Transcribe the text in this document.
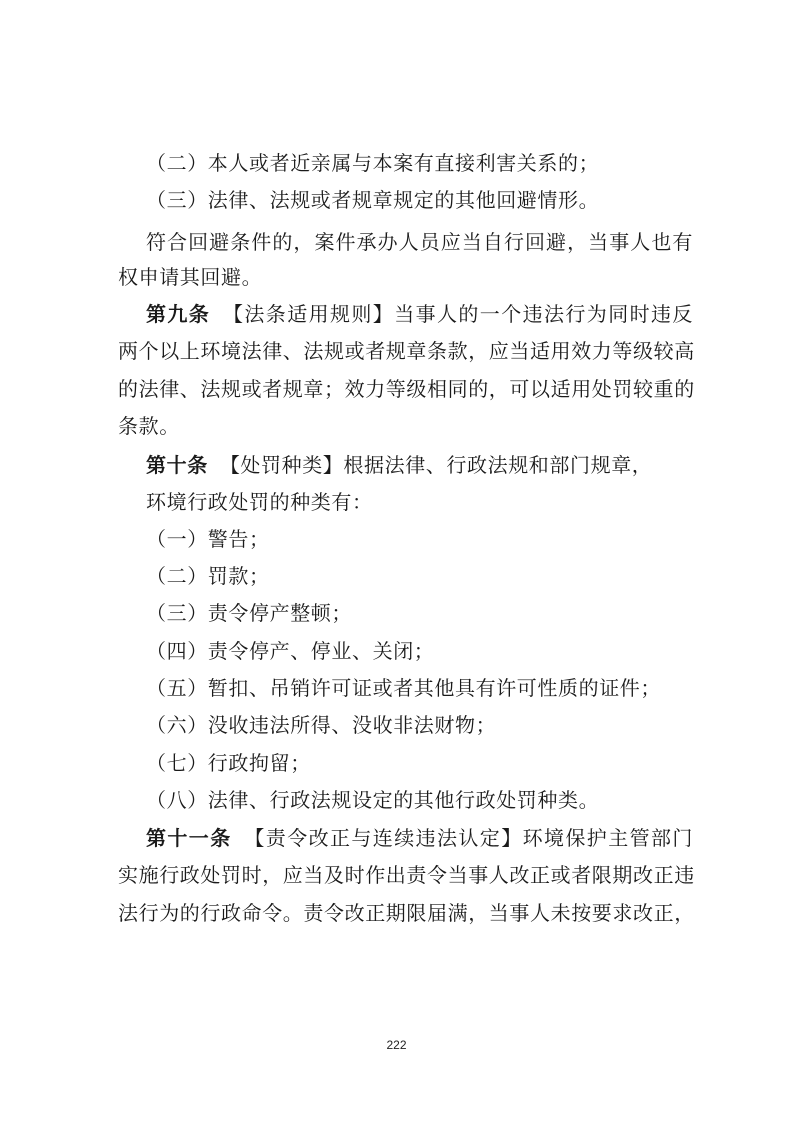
（二）本人或者近亲属与本案有直接利害关系的；
（三）法律、法规或者规章规定的其他回避情形。
符合回避条件的，案件承办人员应当自行回避，当事人也有
权申请其回避。
第九条 【法条适用规则】当事人的一个违法行为同时违反
两个以上环境法律、法规或者规章条款，应当适用效力等级较高
的法律、法规或者规章；效力等级相同的，可以适用处罚较重的
条款。
第十条 【处罚种类】根据法律、行政法规和部门规章，
环境行政处罚的种类有：
（一）警告；
（二）罚款；
（三）责令停产整顿；
（四）责令停产、停业、关闭；
（五）暂扣、吊销许可证或者其他具有许可性质的证件；
（六）没收违法所得、没收非法财物；
（七）行政拘留；
（八）法律、行政法规设定的其他行政处罚种类。
第十一条 【责令改正与连续违法认定】环境保护主管部门
实施行政处罚时，应当及时作出责令当事人改正或者限期改正违
法行为的行政命令。责令改正期限届满，当事人未按要求改正，
222
